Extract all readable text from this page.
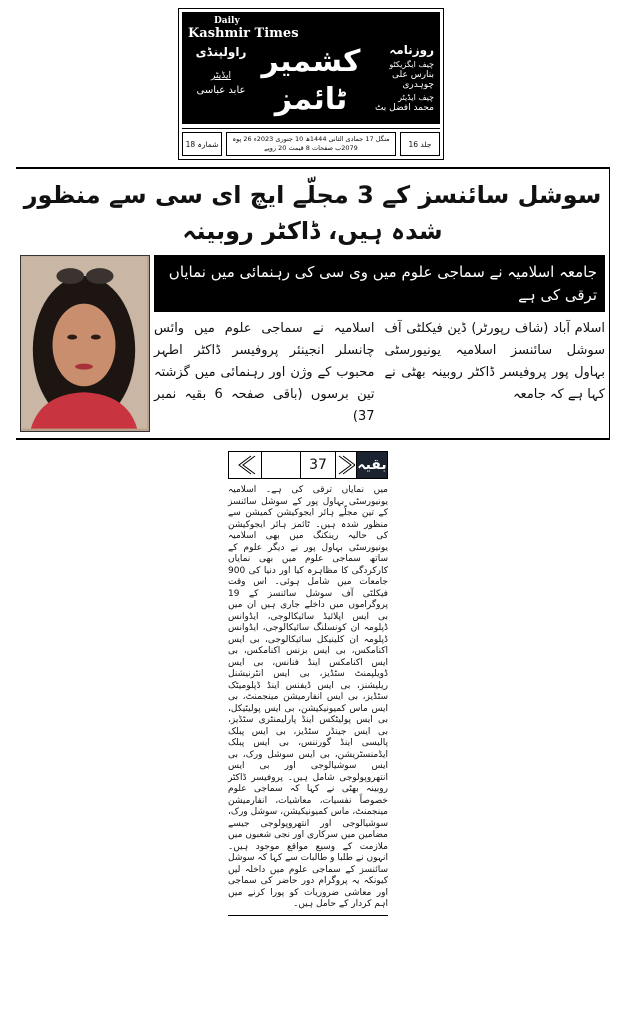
Daily
Kashmir Times
راولپنڈی
ایڈیٹر
عابد عباسی
کشمیر ٹائمز
روزنامہ
چیف ایگزیکٹو
بنارس علی چوہدری
چیف ایڈیٹر
محمد افضل بٹ
شمارہ 18
منگل 17 جمادی الثانی 1444ھ 10 جنوری 2023ء 26 پوہ 2079ب صفحات 8 قیمت 20 روپے	جلد 16
سوشل سائنسز کے 3 مجلّے ایچ ای سی سے منظور شدہ ہیں، ڈاکٹر روبینہ
جامعہ اسلامیہ نے سماجی علوم میں وی سی کی رہنمائی میں نمایاں ترقی کی ہے
اسلام آباد (شاف رپورٹر) ڈین فیکلٹی آف سوشل سائنسز اسلامیہ یونیورسٹی بہاول پور پروفیسر ڈاکٹر روبینہ بھٹی نے کہا ہے کہ جامعہ
اسلامیہ نے سماجی علوم میں وائس چانسلر انجینئر پروفیسر ڈاکٹر اطہر محبوب کے وژن اور رہنمائی میں گزشتہ تین برسوں (باقی صفحہ 6 بقیہ نمبر 37)
37	بقیہ
میں نمایاں ترقی کی ہے۔ اسلامیہ یونیورسٹی بہاول پور کے سوشل سائنسز کے تین مجلّے ہائر ایجوکیشن کمیشن سے منظور شدہ ہیں۔ ٹائمز ہائر ایجوکیشن کی حالیہ رینکنگ میں بھی اسلامیہ یونیورسٹی بہاول پور نے دیگر علوم کے ساتھ سماجی علوم میں بھی نمایاں کارکردگی کا مظاہرہ کیا اور دنیا کی 900 جامعات میں شامل ہوئی۔ اس وقت فیکلٹی آف سوشل سائنسز کے 19 پروگراموں میں داخلے جاری ہیں ان میں بی ایس اپلائیڈ سائیکالوجی، ایڈوانس ڈپلومہ ان کونسلنگ سائیکالوجی، ایڈوانس ڈپلومہ ان کلینیکل سائیکالوجی، بی ایس اکنامکس، بی ایس بزنس اکنامکس، بی ایس اکنامکس اینڈ فنانس، بی ایس ڈویلپمنٹ سٹڈیز، بی ایس انٹرنیشنل ریلیشنز، بی ایس ڈیفنس اینڈ ڈپلومیٹک سٹڈیز، بی ایس انفارمیشن مینجمنٹ، بی ایس ماس کمیونیکیشن، بی ایس پولیٹیکل، بی ایس پولیٹکس اینڈ پارلیمنٹری سٹڈیز، بی ایس جینڈر سٹڈیز، بی ایس پبلک پالیسی اینڈ گورننس، بی ایس پبلک ایڈمنسٹریشن، بی ایس سوشل ورک، بی ایس سوشیالوجی اور بی ایس انتھروپولوجی شامل ہیں۔ پروفیسر ڈاکٹر روبینہ بھٹی نے کہا کہ سماجی علوم خصوصاً نفسیات، معاشیات، انفارمیشن مینجمنٹ، ماس کمیونیکیشن، سوشل ورک، سوشیالوجی اور انتھروپولوجی جیسے مضامین میں سرکاری اور نجی شعبوں میں ملازمت کے وسیع مواقع موجود ہیں۔ انہوں نے طلبا و طالبات سے کہا کہ سوشل سائنسز کے سماجی علوم میں داخلہ لیں کیونکہ یہ پروگرام دور حاضر کی سماجی اور معاشی ضروریات کو پورا کرنے میں اہم کردار کے حامل ہیں۔
